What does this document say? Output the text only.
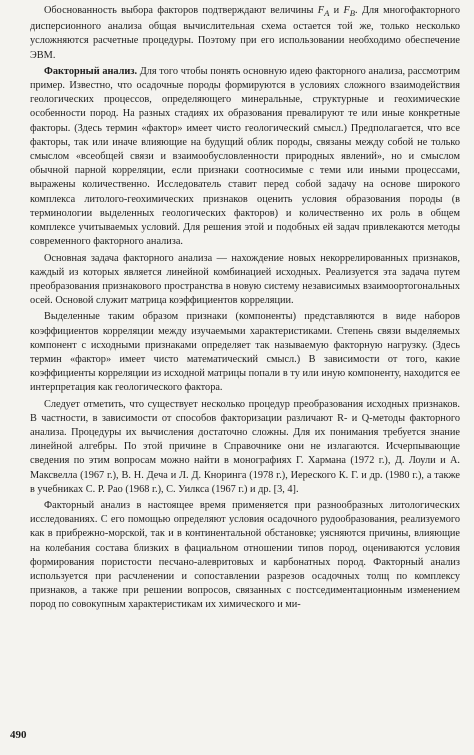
Обоснованность выбора факторов подтверждают величины $F_A$ и $F_B$. Для многофакторного дисперсионного анализа общая вычислительная схема остается той же, только несколько усложняются расчетные процедуры. Поэтому при его использовании необходимо обеспечение ЭВМ.

Факторный анализ. Для того чтобы понять основную идею факторного анализа, рассмотрим пример. Известно, что осадочные породы формируются в условиях сложного взаимодействия геологических процессов, определяющего минеральные, структурные и геохимические особенности пород. На разных стадиях их образования превалируют те или иные конкретные факторы. (Здесь термин «фактор» имеет чисто геологический смысл.) Предполагается, что все факторы, так или иначе влияющие на будущий облик породы, связаны между собой не только смыслом «всеобщей связи и взаимообусловленности природных явлений», но и смыслом обычной парной корреляции, если признаки соотносимые с теми или иными процессами, выражены количественно. Исследователь ставит перед собой задачу на основе широкого комплекса литолого-геохимических признаков оценить условия образования породы (в терминологии выделенных геологических факторов) и количественно их роль в общем комплексе учитываемых условий. Для решения этой и подобных ей задач привлекаются методы современного факторного анализа.

Основная задача факторного анализа — нахождение новых некоррелированных признаков, каждый из которых является линейной комбинацией исходных. Реализуется эта задача путем преобразования признакового пространства в новую систему независимых взаимоортогональных осей. Основой служит матрица коэффициентов корреляции.

Выделенные таким образом признаки (компоненты) представляются в виде наборов коэффициентов корреляции между изучаемыми характеристиками. Степень связи выделяемых компонент с исходными признаками определяет так называемую факторную нагрузку. (Здесь термин «фактор» имеет чисто математический смысл.) В зависимости от того, какие коэффициенты корреляции из исходной матрицы попали в ту или иную компоненту, находится ее интерпретация как геологического фактора.

Следует отметить, что существует несколько процедур преобразования исходных признаков. В частности, в зависимости от способов факторизации различают R- и Q-методы факторного анализа. Процедуры их вычисления достаточно сложны. Для их понимания требуется знание линейной алгебры. По этой причине в Справочнике они не излагаются. Исчерпывающие сведения по этим вопросам можно найти в монографиях Г. Хармана (1972 г.), Д. Лоули и А. Максвелла (1967 г.), В. Н. Деча и Л. Д. Кноринга (1978 г.), Иереского К. Г. и др. (1980 г.), а также в учебниках С. Р. Рао (1968 г.), С. Уилкса (1967 г.) и др. [3, 4].

Факторный анализ в настоящее время применяется при разнообразных литологических исследованиях. С его помощью определяют условия осадочного рудообразования, реализуемого как в прибрежно-морской, так и в континентальной обстановке; уясняются причины, влияющие на колебания состава близких в фациальном отношении типов пород, оцениваются условия формирования пористости песчано-алевритовых и карбонатных пород. Факторный анализ используется при расчленении и сопоставлении разрезов осадочных толщ по комплексу признаков, а также при решении вопросов, связанных с постседиментационным изменением пород по совокупным характеристикам их химического и ми-

490
